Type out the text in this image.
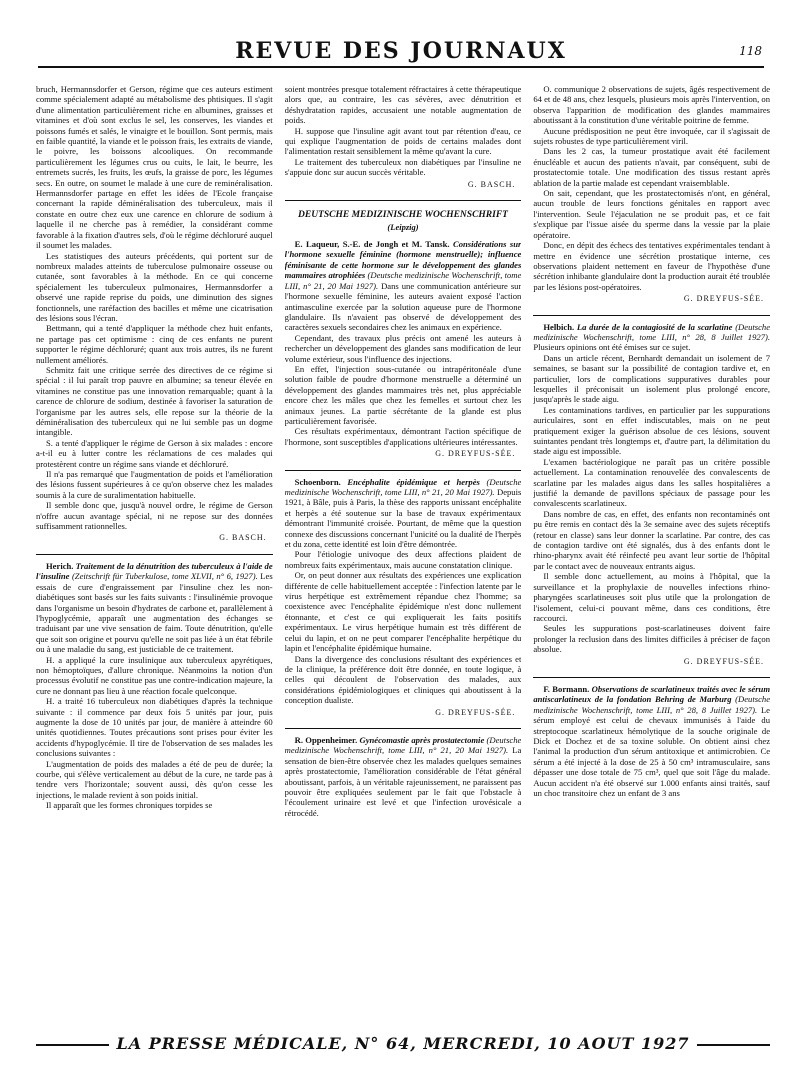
REVUE DES JOURNAUX	118

bruch, Hermannsdorfer et Gerson, régime que ces auteurs estiment comme spécialement adapté au métabolisme des phtisiques. Il s'agit d'une alimentation particulièrement riche en albumines, graisses et vitamines et d'où sont exclus le sel, les conserves, les viandes et poissons fumés et salés, le vinaigre et le bouillon. Sont permis, mais en faible quantité, la viande et le poisson frais, les extraits de viande, le poivre, les boissons alcooliques. On recommande particulièrement les légumes crus ou cuits, le lait, le beurre, les entremets sucrés, les fruits, les œufs, la graisse de porc, les légumes secs. En outre, on soumet le malade à une cure de reminéralisation. Hermannsdorfer partage en effet les idées de l'Ecole française concernant la rapide déminéralisation des tuberculeux, mais il constate en outre chez eux une carence en chlorure de sodium à laquelle il ne cherche pas à remédier, la considérant comme favorable à la fixation d'autres sels, d'où le régime déchloruré auquel il soumet les malades.

Les statistiques des auteurs précédents, qui portent sur de nombreux malades atteints de tuberculose pulmonaire osseuse ou cutanée, sont favorables à la méthode. En ce qui concerne spécialement les tuberculeux pulmonaires, Hermannsdorfer a observé une rapide reprise du poids, une diminution des signes fonctionnels, une raréfaction des bacilles et même une cicatrisation des lésions sous l'écran.

Bettmann, qui a tenté d'appliquer la méthode chez huit enfants, ne partage pas cet optimisme : cinq de ces enfants ne purent supporter le régime déchloruré; quant aux trois autres, ils ne furent nullement améliorés.

Schmitz fait une critique serrée des directives de ce régime si spécial : il lui paraît trop pauvre en albumine; sa teneur élevée en vitamines ne constitue pas une innovation remarquable; quant à la carence de chlorure de sodium, destinée à favoriser la saturation de l'organisme par les autres sels, elle repose sur la théorie de la déminéralisation des tuberculeux qui ne lui semble pas un dogme intangible.

S. a tenté d'appliquer le régime de Gerson à six malades : encore a-t-il eu à lutter contre les réclamations de ces malades qui protestèrent contre un régime sans viande et déchloruré.

Il n'a pas remarqué que l'augmentation de poids et l'amélioration des lésions fussent supérieures à ce qu'on observe chez les malades soumis à la cure de suralimentation habituelle.

Il semble donc que, jusqu'à nouvel ordre, le régime de Gerson n'offre aucun avantage spécial, ni ne repose sur des données suffisamment rationnelles.

G. BASCH.

Herich. Traitement de la dénutrition des tuberculeux à l'aide de l'insuline (Zeitschrift für Tuberkulose, tome XLVII, n° 6, 1927). Les essais de cure d'engraissement par l'insuline chez les non-diabétiques sont basés sur les faits suivants : l'insulinémie provoque dans l'organisme un besoin d'hydrates de carbone et, parallèlement à l'hypoglycémie, apparaît une augmentation des échanges se traduisant par une vive sensation de faim. Toute dénutrition, qu'elle que soit son origine et pourvu qu'elle ne soit pas liée à un état fébrile ou à une maladie du sang, est justiciable de ce traitement.

H. a appliqué la cure insulinique aux tuberculeux apyrétiques, non hémoptoïques, d'allure chronique. Néanmoins la notion d'un processus évolutif ne constitue pas une contre-indication majeure, la cure ne donnant pas lieu à une réaction focale quelconque.

H. a traité 16 tuberculeux non diabétiques d'après la technique suivante : il commence par deux fois 5 unités par jour, puis augmente la dose de 10 unités par jour, de manière à atteindre 60 unités quotidiennes. Toutes précautions sont prises pour éviter les accidents d'hypoglycémie. Il tire de l'observation de ses malades les conclusions suivantes :

L'augmentation de poids des malades a été de peu de durée; la courbe, qui s'élève verticalement au début de la cure, ne tarde pas à tendre vers l'horizontale; souvent aussi, dès qu'on cesse les injections, le malade revient à son poids initial.

Il apparaît que les formes chroniques torpides se

soient montrées presque totalement réfractaires à cette thérapeutique alors que, au contraire, les cas sévères, avec dénutrition et déshydratation rapides, accusaient une notable augmentation de poids.

H. suppose que l'insuline agit avant tout par rétention d'eau, ce qui explique l'augmentation de poids de certains malades dont l'alimentation restait sensiblement la même qu'avant la cure.

Le traitement des tuberculeux non diabétiques par l'insuline ne s'appuie donc sur aucun succès véritable.

G. BASCH.
DEUTSCHE MEDIZINISCHE WOCHENSCHRIFT
(Leipzig)

E. Laqueur, S.-E. de Jongh et M. Tansk. Considérations sur l'hormone sexuelle féminine (hormone menstruelle); influence féminisante de cette hormone sur le développement des glandes mammaires atrophiées (Deutsche medizinische Wochenschrift, tome LIII, n° 21, 20 Mai 1927). Dans une communication antérieure sur l'hormone sexuelle féminine, les auteurs avaient exposé l'action antimasculine exercée par la solution aqueuse pure de l'hormone glandulaire. Ils n'avaient pas observé de développement des caractères sexuels secondaires chez les animaux en expérience.

Cependant, des travaux plus précis ont amené les auteurs à rechercher un développement des glandes sans modification de leur volume extérieur, sous l'influence des injections.

En effet, l'injection sous-cutanée ou intrapéritonéale d'une solution faible de poudre d'hormone menstruelle a déterminé un développement des glandes mammaires très net, plus appréciable encore chez les mâles que chez les femelles et surtout chez les animaux jeunes. La partie sécrétante de la glande est plus particulièrement favorisée.

Ces résultats expérimentaux, démontrant l'action spécifique de l'hormone, sont susceptibles d'applications ultérieures intéressantes.

G. DREYFUS-SÉE.

Schoenborn. Encéphalite épidémique et herpès (Deutsche medizinische Wochenschrift, tome LIII, n° 21, 20 Mai 1927). Depuis 1921, à Bâle, puis à Paris, la thèse des rapports unissant encéphalite et herpès a été soutenue sur la base de travaux expérimentaux démontrant l'immunité croisée. Pourtant, de même que la question connexe des discussions concernant l'unicité ou la dualité de l'herpès et du zona, cette identité est loin d'être démontrée.

Pour l'étiologie univoque des deux affections plaident de nombreux faits expérimentaux, mais aucune constatation clinique.

Or, on peut donner aux résultats des expériences une explication différente de celle habituellement acceptée : l'infection latente par le virus herpétique est extrêmement répandue chez l'homme; sa coexistence avec l'encéphalite épidémique n'est donc nullement étonnante, et c'est ce qui expliquerait les faits positifs expérimentaux. Le virus herpétique humain est très différent de celui du lapin, et on ne peut comparer l'encéphalite herpétique du lapin et l'encéphalite épidémique humaine.

Dans la divergence des conclusions résultant des expériences et de la clinique, la préférence doit être donnée, en toute logique, à celles qui découlent de l'observation des malades, aux considérations épidémiologiques et cliniques qui aboutissent à la conception dualiste.

G. DREYFUS-SÉE.

R. Oppenheimer. Gynécomastie après prostatectomie (Deutsche medizinische Wochenschrift, tome LIII, n° 21, 20 Mai 1927). La sensation de bien-être observée chez les malades quelques semaines après prostatectomie, l'amélioration considérable de l'état général aboutissant, parfois, à un véritable rajeunissement, ne paraissent pas pouvoir être expliquées seulement par le fait que l'obstacle à l'écoulement urinaire est levé et que l'infection urovésicale a rétrocédé.

O. communique 2 observations de sujets, âgés respectivement de 64 et de 48 ans, chez lesquels, plusieurs mois après l'intervention, on observa l'apparition de modification des glandes mammaires aboutissant à la constitution d'une véritable poitrine de femme.

Aucune prédisposition ne peut être invoquée, car il s'agissait de sujets robustes de type particulièrement viril.

Dans les 2 cas, la tumeur prostatique avait été facilement énucléable et aucun des patients n'avait, par conséquent, subi de prostatectomie totale. Une modification des tissus restant après ablation de la partie malade est cependant vraisemblable.

On sait, cependant, que les prostatectomisés n'ont, en général, aucun trouble de leurs fonctions génitales en rapport avec l'intervention. Seule l'éjaculation ne se produit pas, et ce fait s'explique par l'issue aisée du sperme dans la vessie par la plaie opératoire.

Donc, en dépit des échecs des tentatives expérimentales tendant à mettre en évidence une sécrétion prostatique interne, ces observations plaident nettement en faveur de l'hypothèse d'une sécrétion inhibante glandulaire dont la production aurait été troublée par les lésions post-opératoires.

G. DREYFUS-SÉE.

Helbich. La durée de la contagiosité de la scarlatine (Deutsche medizinische Wochenschrift, tome LIII, n° 28, 8 Juillet 1927). Plusieurs opinions ont été émises sur ce sujet.

Dans un article récent, Bernhardt demandait un isolement de 7 semaines, se basant sur la possibilité de contagion tardive et, en particulier, lors de complications suppuratives durables pour lesquelles il préconisait un isolement plus prolongé encore, jusqu'après le stade aigu.

Les contaminations tardives, en particulier par les suppurations auriculaires, sont en effet indiscutables, mais on ne peut pratiquement exiger la guérison absolue de ces lésions, souvent suintantes pendant très longtemps et, d'autre part, la délimitation du stade aigu est impossible.

L'examen bactériologique ne paraît pas un critère possible actuellement. La contamination renouvelée des convalescents de scarlatine par les malades aigus dans les salles hospitalières a justifié la demande de pavillons spéciaux de passage pour les convalescents scarlatineux.

Dans nombre de cas, en effet, des enfants non recontaminés ont pu être remis en contact dès la 3e semaine avec des sujets réceptifs (retour en classe) sans leur donner la scarlatine. Par contre, des cas de contagion tardive ont été signalés, dus à des enfants dont le rhino-pharynx avait été réinfecté peu avant leur sortie de l'hôpital par le contact avec de nouveaux entrants aigus.

Il semble donc actuellement, au moins à l'hôpital, que la surveillance et la prophylaxie de nouvelles infections rhino-pharyngées scarlatineuses soit plus utile que la prolongation de l'isolement, celui-ci pouvant même, dans ces conditions, être raccourci.

Seules les suppurations post-scarlatineuses doivent faire prolonger la reclusion dans des limites difficiles à préciser de façon absolue.

G. DREYFUS-SÉE.

F. Bormann. Observations de scarlatineux traités avec le sérum antiscarlatineux de la fondation Behring de Marburg (Deutsche medizinische Wochenschrift, tome LIII, n° 28, 8 Juillet 1927). Le sérum employé est celui de chevaux immunisés à l'aide du streptocoque scarlatineux hémolytique de la souche originale de Dick et Dochez et de sa toxine soluble. On obtient ainsi chez l'animal la production d'un sérum antitoxique et antimicrobien. Ce sérum a été injecté à la dose de 25 à 50 cm³ intramusculaire, sans dépasser une dose totale de 75 cm³, quel que soit l'âge du malade. Aucun accident n'a été observé sur 1.000 enfants ainsi traités, sauf un choc transitoire chez un enfant de 3 ans

LA PRESSE MÉDICALE, N° 64, MERCREDI, 10 AOUT 1927
